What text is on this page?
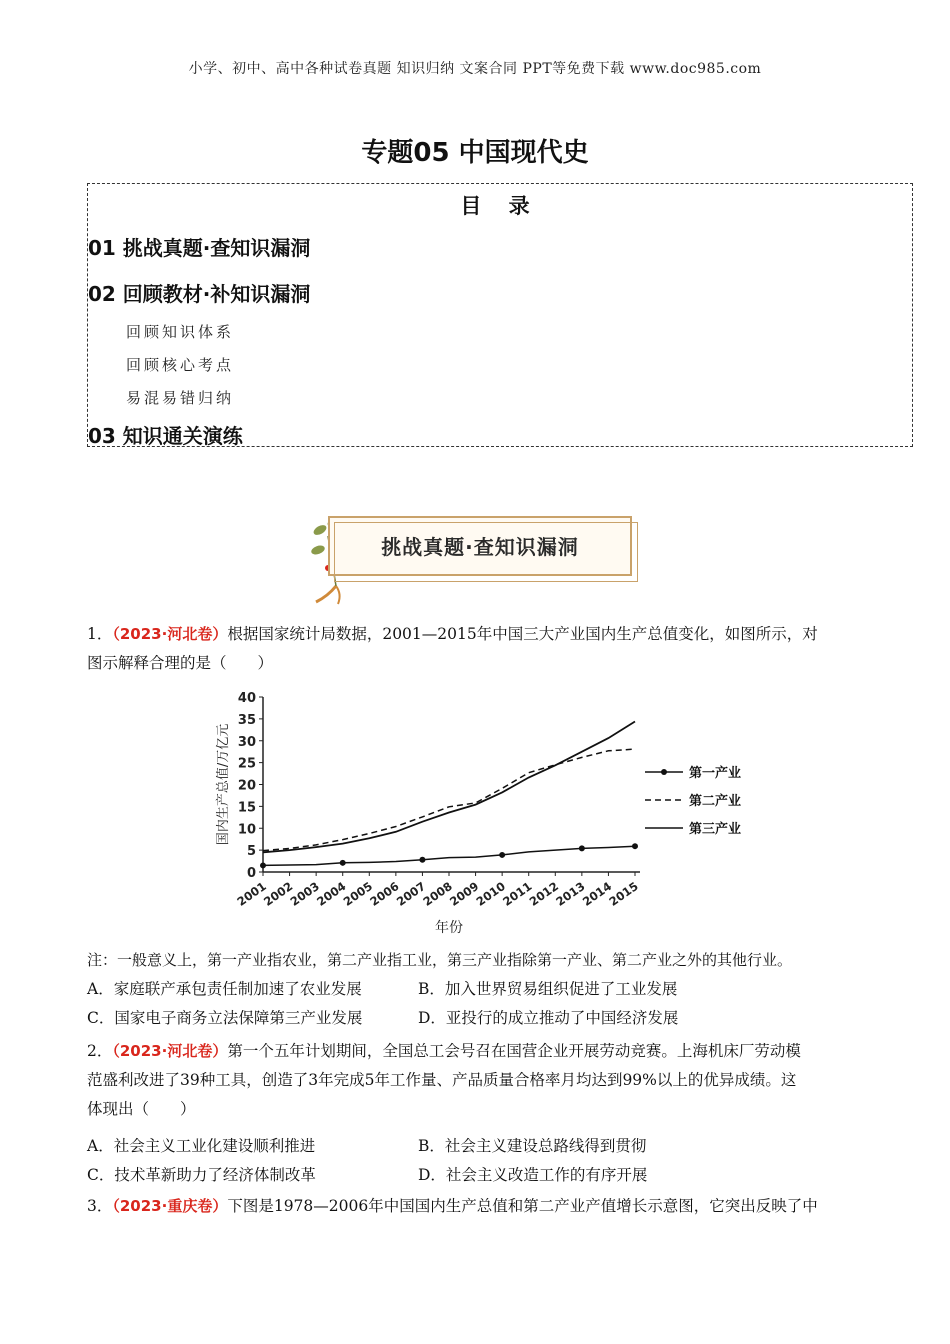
小学、初中、高中各种试卷真题 知识归纳 文案合同 PPT等免费下载 www.doc985.com
专题05 中国现代史
目 录
01 挑战真题·查知识漏洞
02 回顾教材·补知识漏洞
回顾知识体系
回顾核心考点
易混易错归纳
03 知识通关演练
挑战真题·查知识漏洞
1．（2023·河北卷）根据国家统计局数据，2001—2015年中国三大产业国内生产总值变化，如图所示，对
图示解释合理的是（　　）
0
5
10
15
20
25
30
35
40
2001
2002
2003
2004
2005
2006
2007
2008
2009
2010
2011
2012
2013
2014
2015
国内生产总值/万亿元
年份
第一产业
第二产业
第三产业
注：一般意义上，第一产业指农业，第二产业指工业，第三产业指除第一产业、第二产业之外的其他行业。
A．家庭联产承包责任制加速了农业发展	B．加入世界贸易组织促进了工业发展
C．国家电子商务立法保障第三产业发展	D．亚投行的成立推动了中国经济发展
2．（2023·河北卷）第一个五年计划期间，全国总工会号召在国营企业开展劳动竞赛。上海机床厂劳动模
范盛利改进了39种工具，创造了3年完成5年工作量、产品质量合格率月均达到99%以上的优异成绩。这
体现出（　　）
A．社会主义工业化建设顺利推进	B．社会主义建设总路线得到贯彻
C．技术革新助力了经济体制改革	D．社会主义改造工作的有序开展
3．（2023·重庆卷）下图是1978—2006年中国国内生产总值和第二产业产值增长示意图，它突出反映了中
